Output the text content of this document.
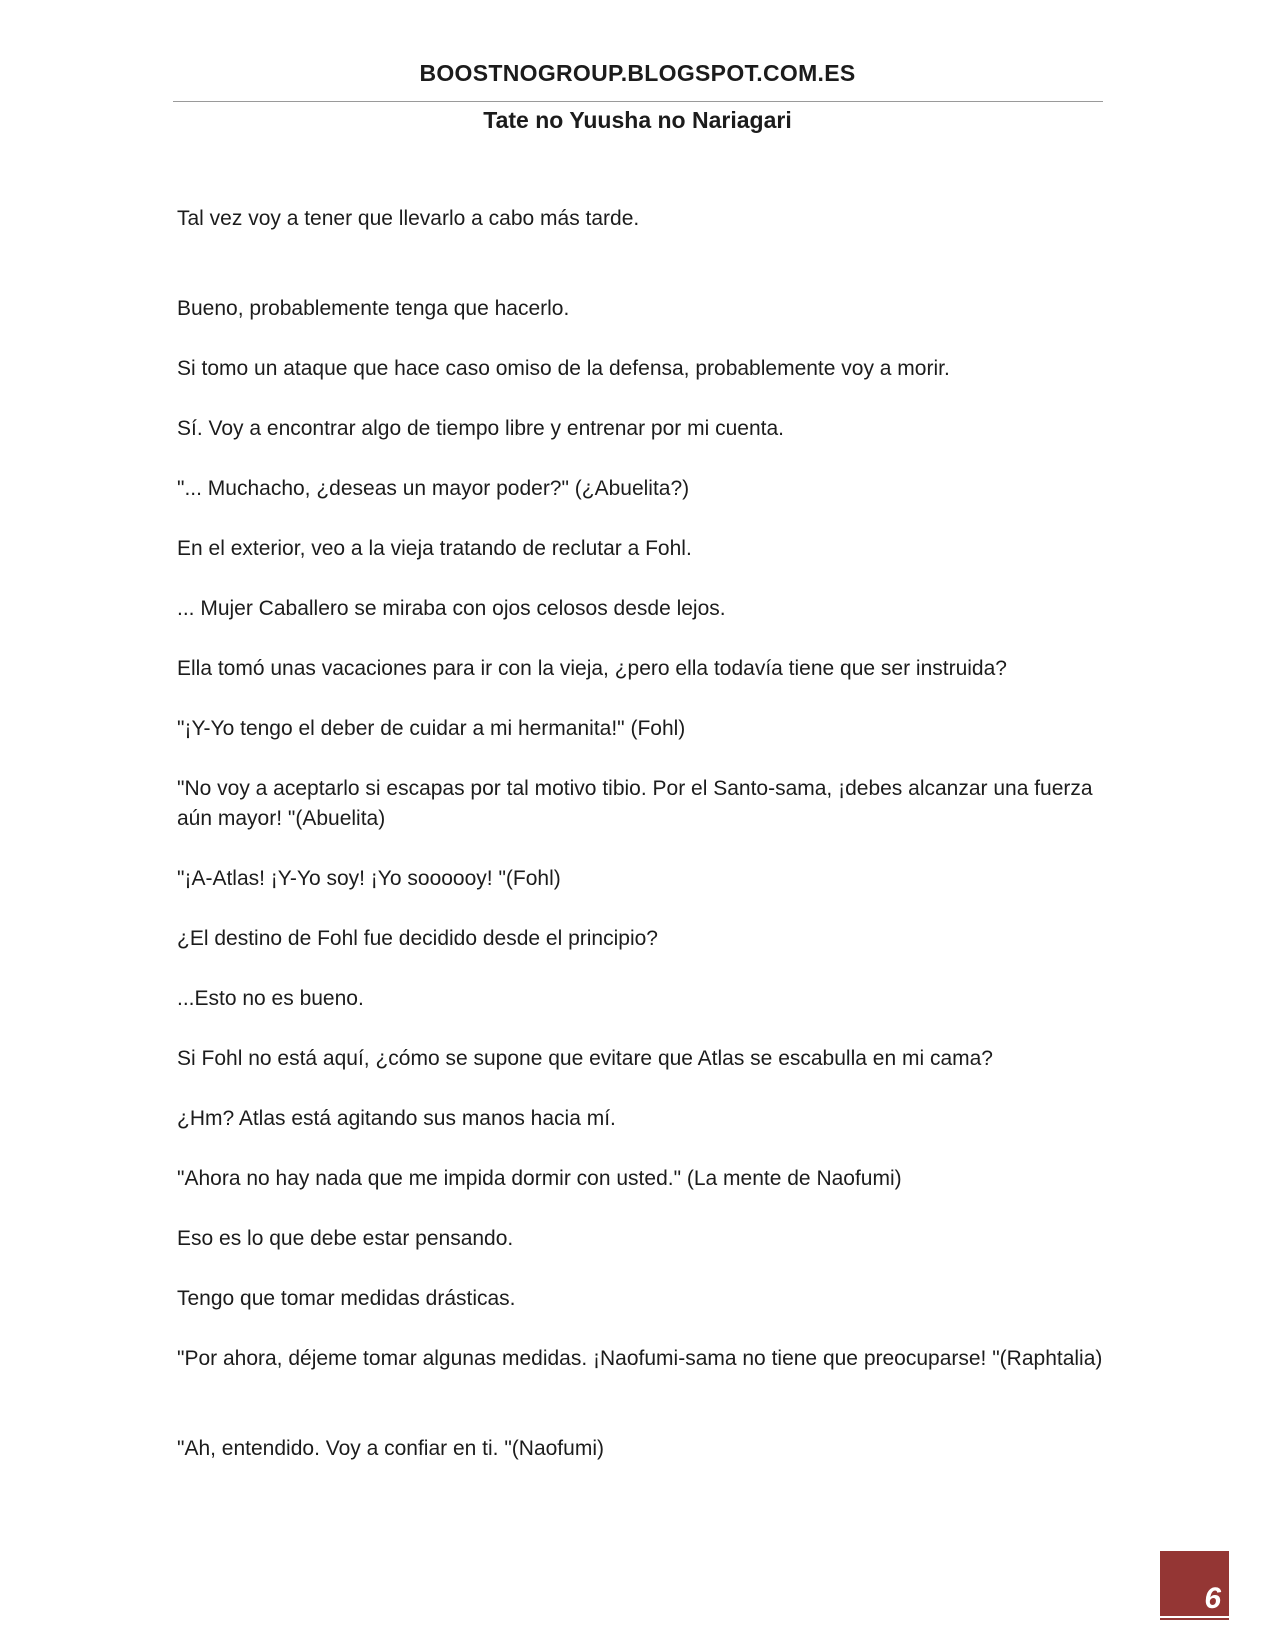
BOOSTNOGROUP.BLOGSPOT.COM.ES
Tate no Yuusha no Nariagari
Tal vez voy a tener que llevarlo a cabo más tarde.
Bueno, probablemente tenga que hacerlo.
Si tomo un ataque que hace caso omiso de la defensa, probablemente voy a morir.
Sí. Voy a encontrar algo de tiempo libre y entrenar por mi cuenta.
"... Muchacho, ¿deseas un mayor poder?" (¿Abuelita?)
En el exterior, veo a la vieja tratando de reclutar a Fohl.
... Mujer Caballero se miraba con ojos celosos desde lejos.
Ella tomó unas vacaciones para ir con la vieja, ¿pero ella todavía tiene que ser instruida?
"¡Y-Yo tengo el deber de cuidar a mi hermanita!" (Fohl)
"No voy a aceptarlo si escapas por tal motivo tibio. Por el Santo-sama, ¡debes alcanzar una fuerza aún mayor! "(Abuelita)
"¡A-Atlas! ¡Y-Yo soy! ¡Yo soooooy! "(Fohl)
¿El destino de Fohl fue decidido desde el principio?
...Esto no es bueno.
Si Fohl no está aquí, ¿cómo se supone que evitare que Atlas se escabulla en mi cama?
¿Hm? Atlas está agitando sus manos hacia mí.
"Ahora no hay nada que me impida dormir con usted." (La mente de Naofumi)
Eso es lo que debe estar pensando.
Tengo que tomar medidas drásticas.
"Por ahora, déjeme tomar algunas medidas. ¡Naofumi-sama no tiene que preocuparse! "(Raphtalia)
"Ah, entendido. Voy a confiar en ti. "(Naofumi)
6
